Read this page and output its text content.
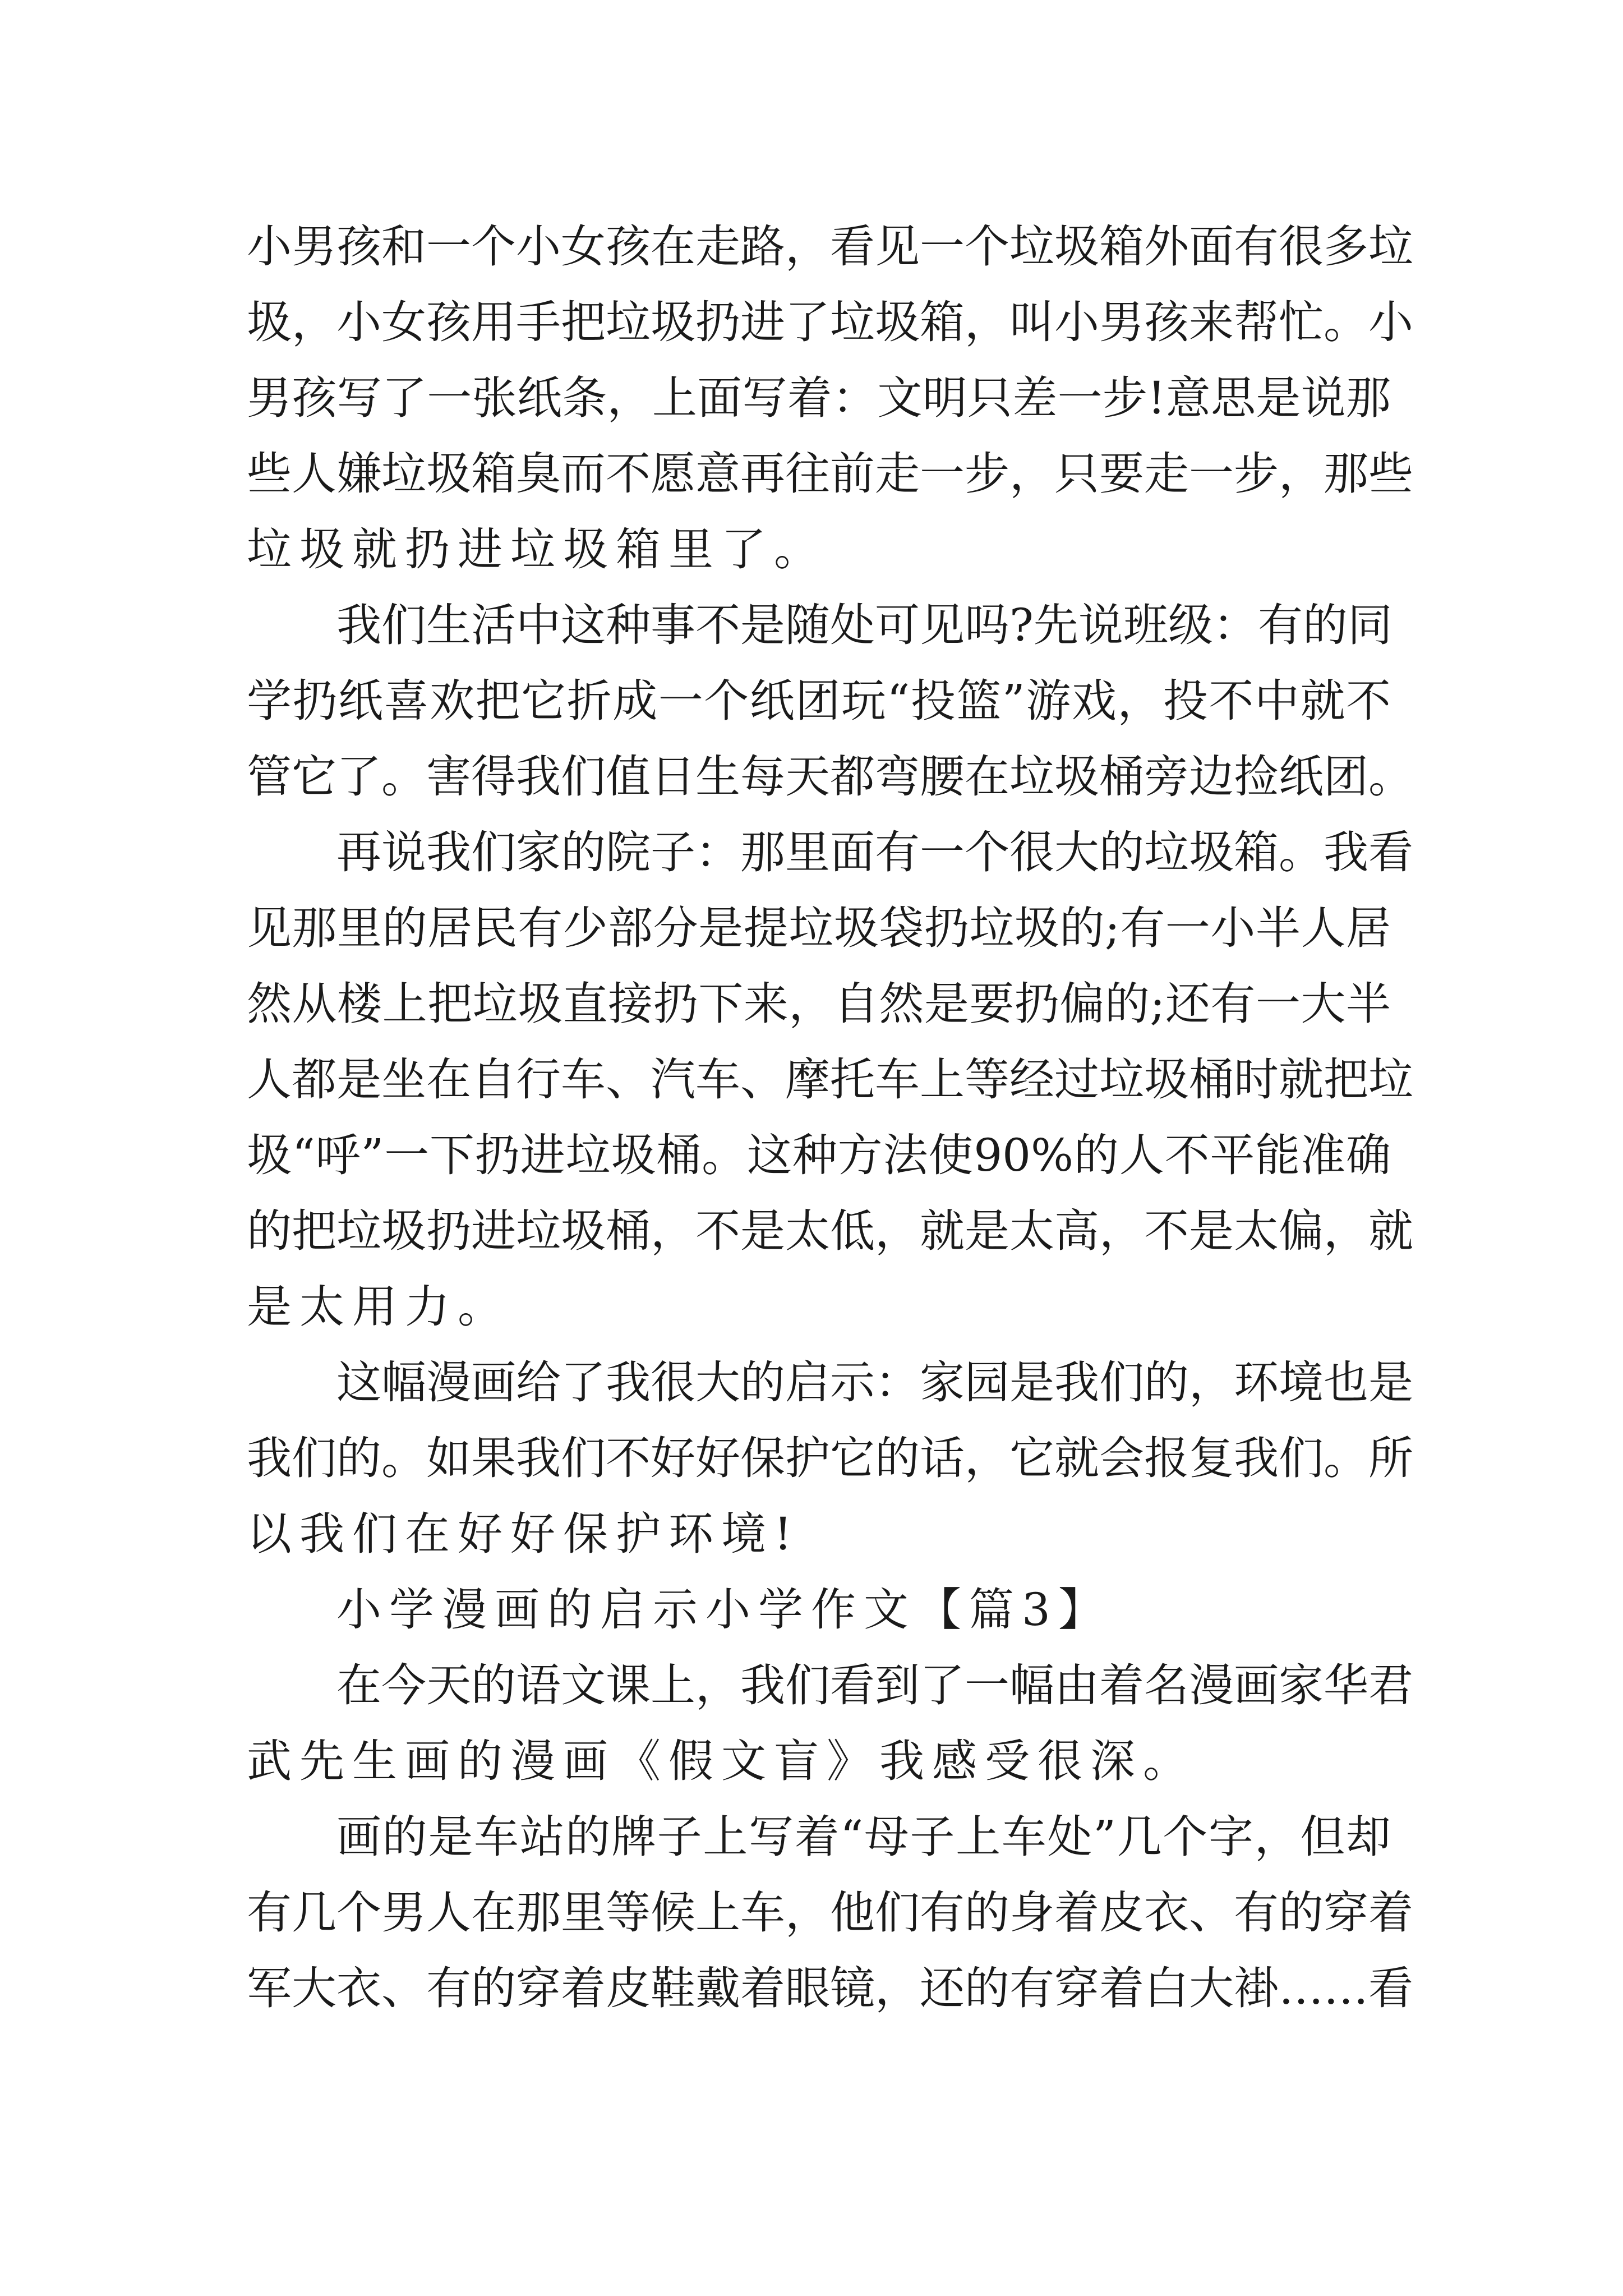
小男孩和一个小女孩在走路，看见一个垃圾箱外面有很多垃
圾，小女孩用手把垃圾扔进了垃圾箱，叫小男孩来帮忙。小
男孩写了一张纸条，上面写着：文明只差一步!意思是说那
些人嫌垃圾箱臭而不愿意再往前走一步，只要走一步，那些
垃圾就扔进垃圾箱里了。
我们生活中这种事不是随处可见吗?先说班级：有的同
学扔纸喜欢把它折成一个纸团玩“投篮”游戏，投不中就不
管它了。害得我们值日生每天都弯腰在垃圾桶旁边捡纸团。
再说我们家的院子：那里面有一个很大的垃圾箱。我看
见那里的居民有少部分是提垃圾袋扔垃圾的;有一小半人居
然从楼上把垃圾直接扔下来，自然是要扔偏的;还有一大半
人都是坐在自行车、汽车、摩托车上等经过垃圾桶时就把垃
圾“呼”一下扔进垃圾桶。这种方法使90%的人不平能准确
的把垃圾扔进垃圾桶，不是太低，就是太高，不是太偏，就
是太用力。
这幅漫画给了我很大的启示：家园是我们的，环境也是
我们的。如果我们不好好保护它的话，它就会报复我们。所
以我们在好好保护环境!
小学漫画的启示小学作文【篇3】
在今天的语文课上，我们看到了一幅由着名漫画家华君
武先生画的漫画《假文盲》我感受很深。
画的是车站的牌子上写着“母子上车处”几个字，但却
有几个男人在那里等候上车，他们有的身着皮衣、有的穿着
军大衣、有的穿着皮鞋戴着眼镜，还的有穿着白大褂……看
